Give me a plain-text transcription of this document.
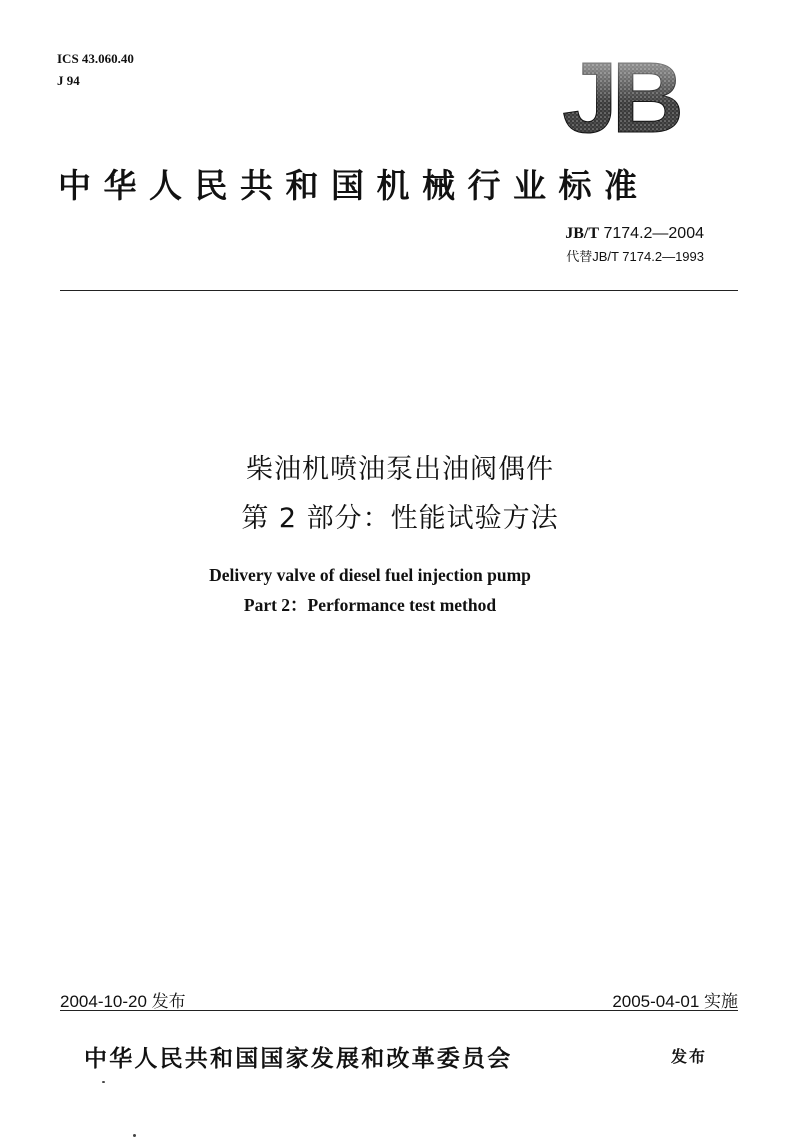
ICS 43.060.40
J 94
中华人民共和国机械行业标准
JB/T 7174.2—2004
代替JB/T 7174.2—1993
柴油机喷油泵出油阀偶件
第 2 部分：性能试验方法
Delivery valve of diesel fuel injection pump
Part 2：Performance test method
2004-10-20 发布	2005-04-01 实施
中华人民共和国国家发展和改革委员会	发布
